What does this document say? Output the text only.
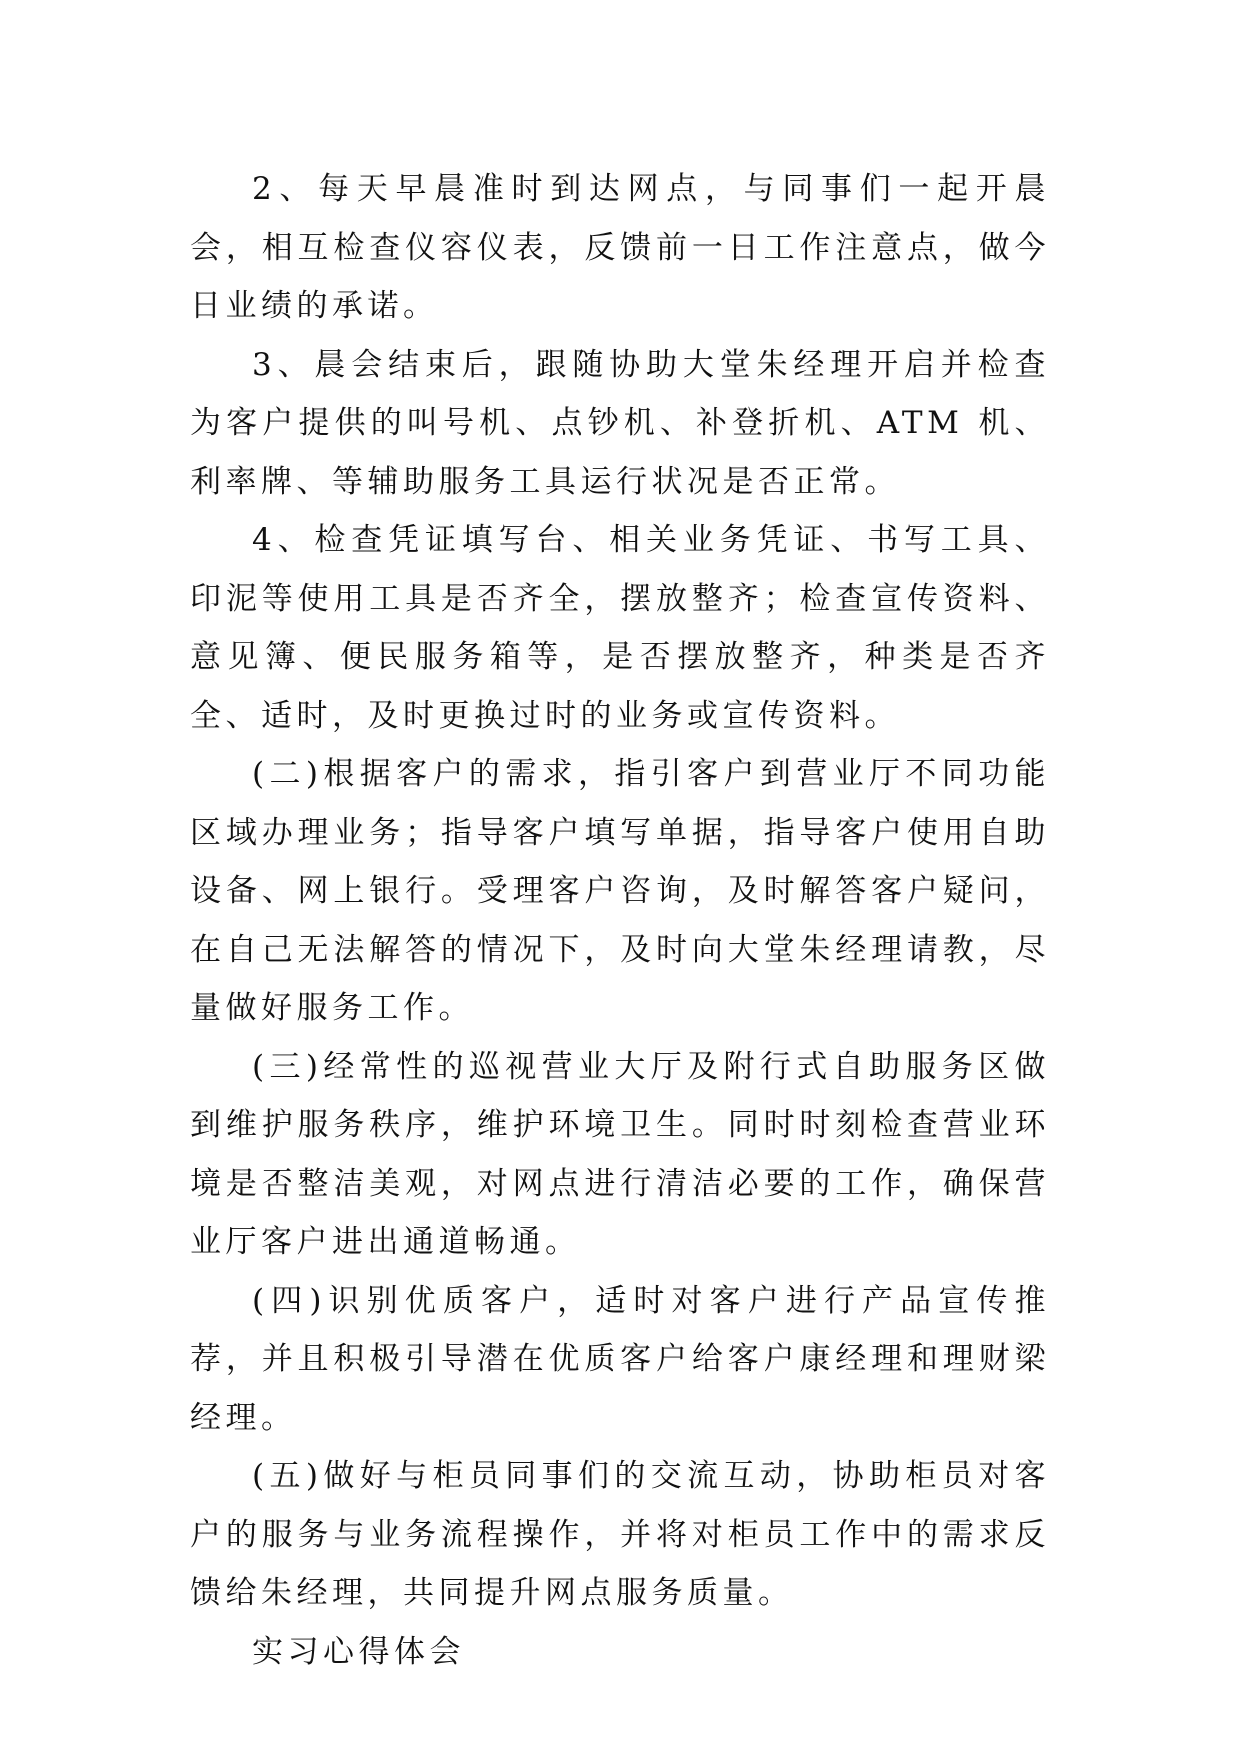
2、每天早晨准时到达网点，与同事们一起开晨会，相互检查仪容仪表，反馈前一日工作注意点，做今日业绩的承诺。

3、晨会结束后，跟随协助大堂朱经理开启并检查为客户提供的叫号机、点钞机、补登折机、ATM 机、利率牌、等辅助服务工具运行状况是否正常。

4、检查凭证填写台、相关业务凭证、书写工具、印泥等使用工具是否齐全，摆放整齐；检查宣传资料、意见簿、便民服务箱等，是否摆放整齐，种类是否齐全、适时，及时更换过时的业务或宣传资料。

(二)根据客户的需求，指引客户到营业厅不同功能区域办理业务；指导客户填写单据，指导客户使用自助设备、网上银行。受理客户咨询，及时解答客户疑问，在自己无法解答的情况下，及时向大堂朱经理请教，尽量做好服务工作。

(三)经常性的巡视营业大厅及附行式自助服务区做到维护服务秩序，维护环境卫生。同时时刻检查营业环境是否整洁美观，对网点进行清洁必要的工作，确保营业厅客户进出通道畅通。

(四)识别优质客户，适时对客户进行产品宣传推荐，并且积极引导潜在优质客户给客户康经理和理财梁经理。

(五)做好与柜员同事们的交流互动，协助柜员对客户的服务与业务流程操作，并将对柜员工作中的需求反馈给朱经理，共同提升网点服务质量。

实习心得体会
